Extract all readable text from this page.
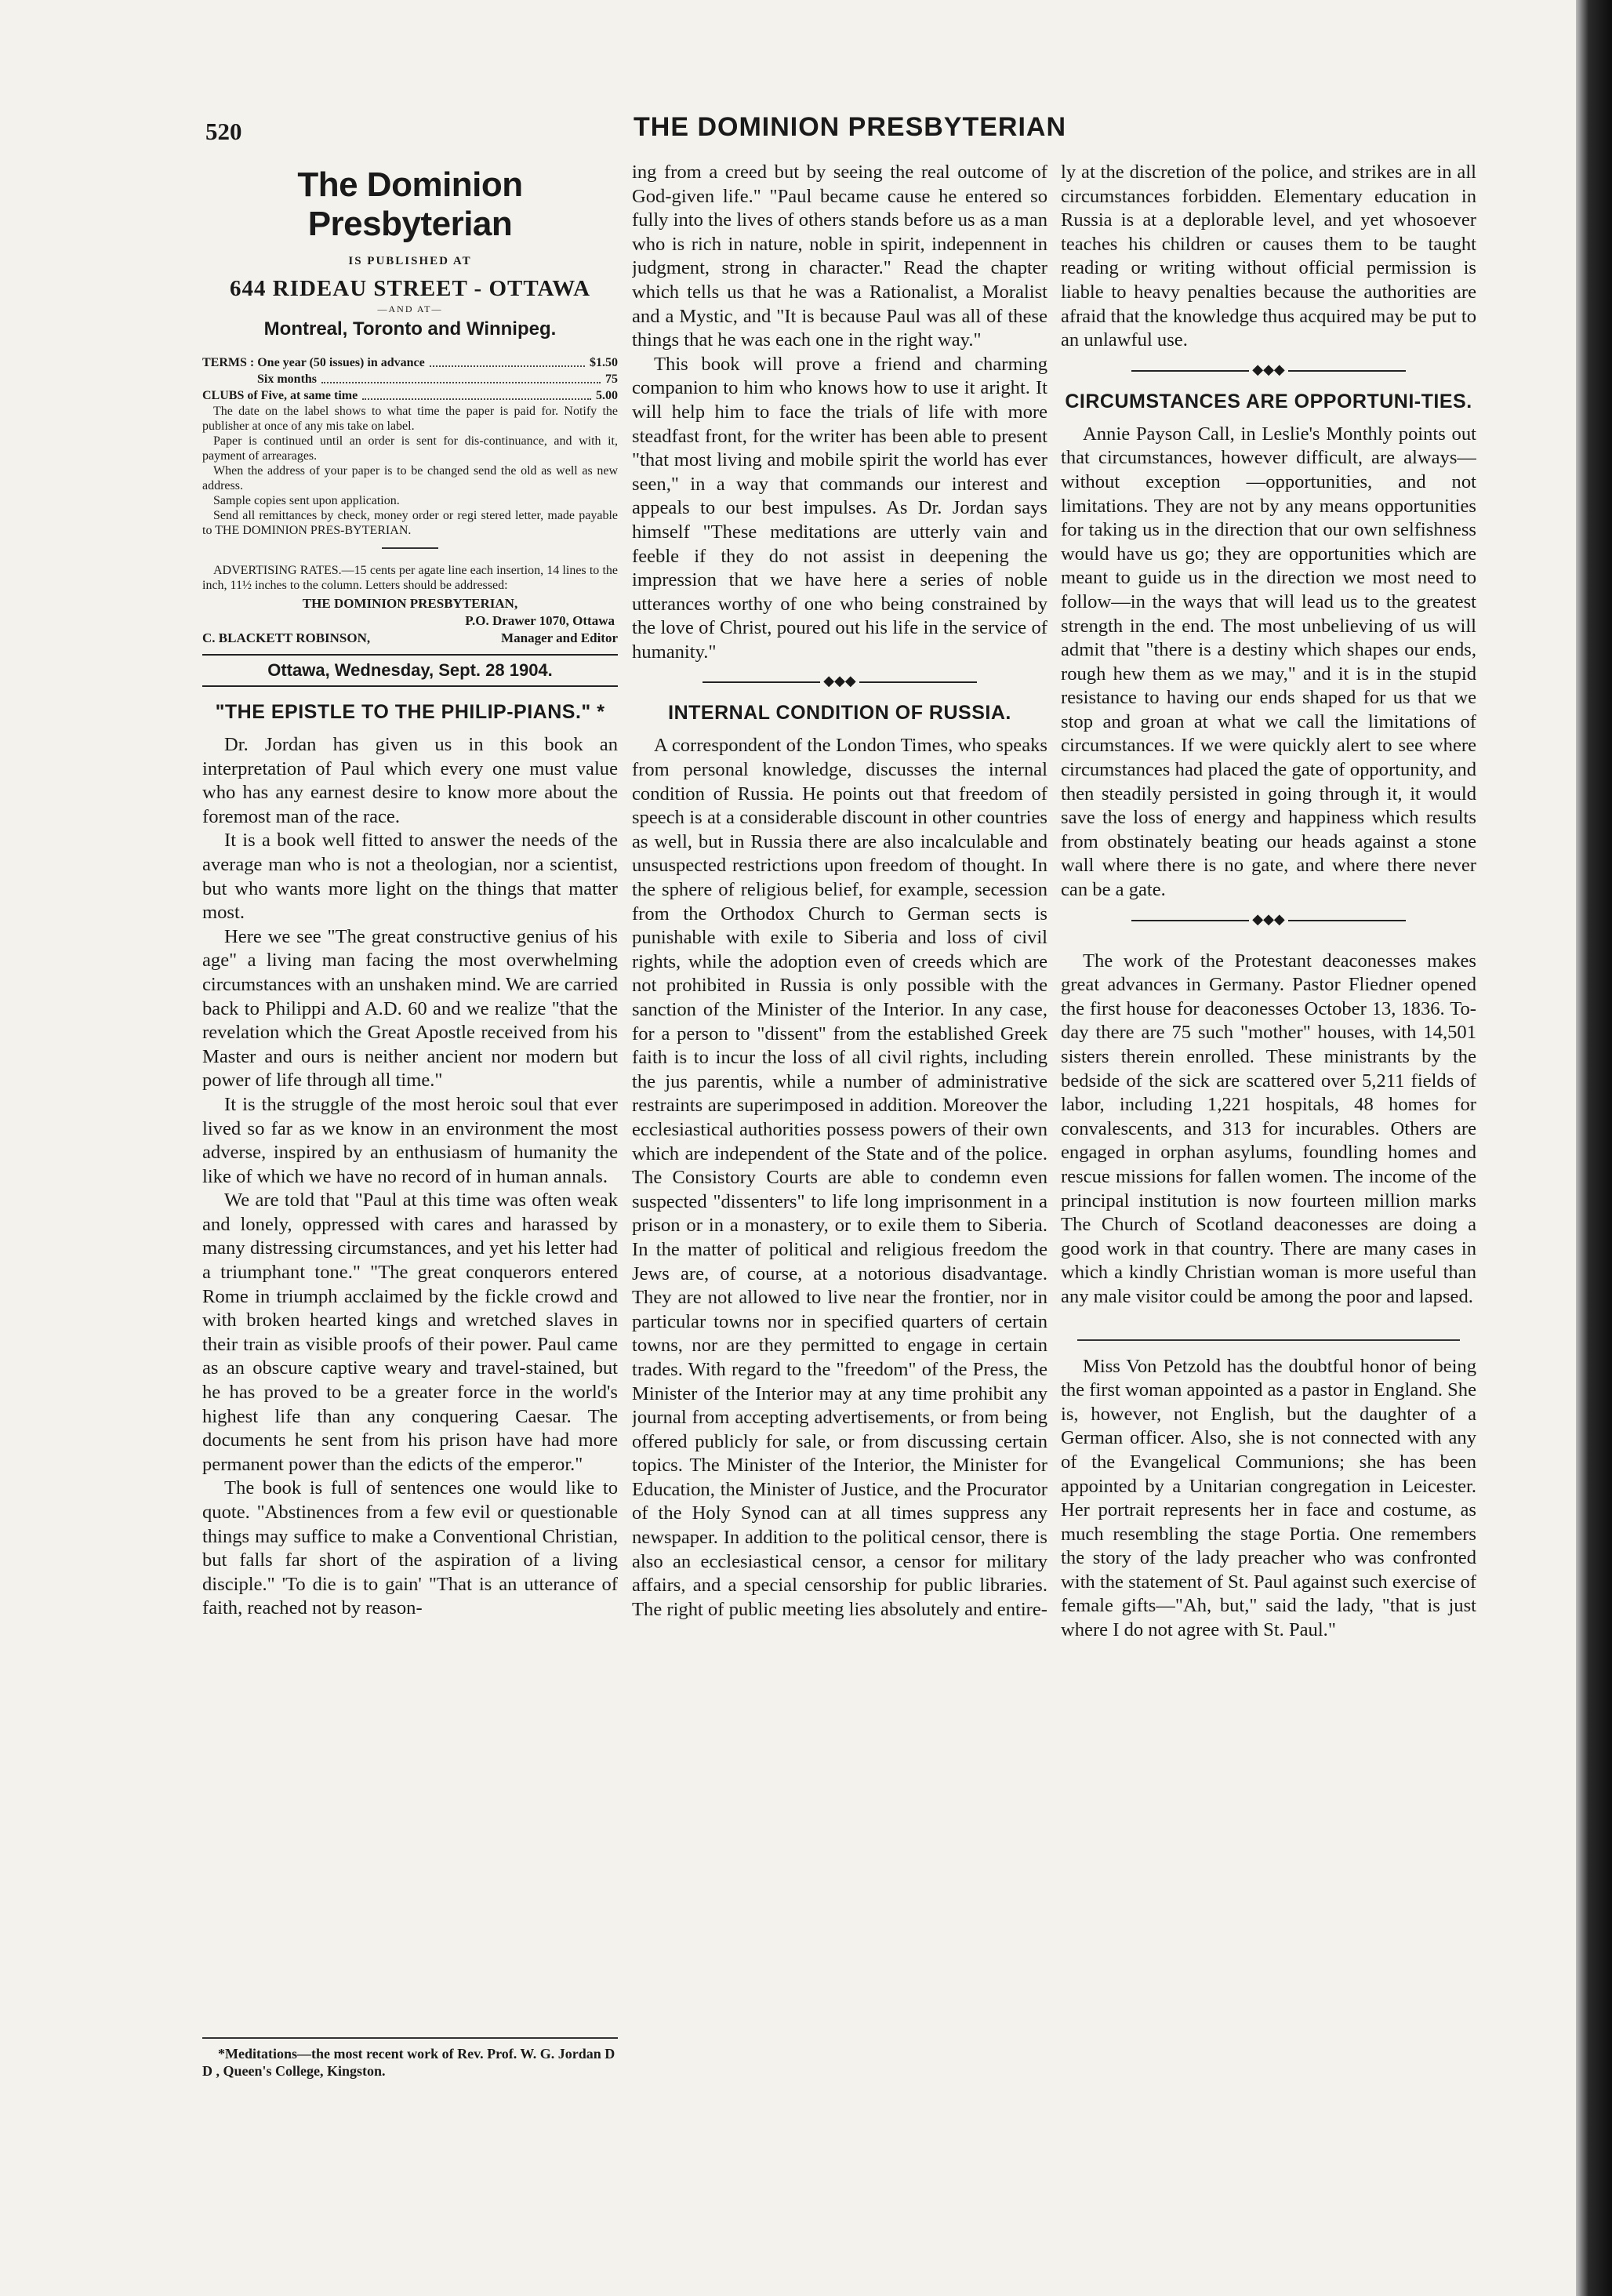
520	THE DOMINION PRESBYTERIAN
The Dominion Presbyterian
IS PUBLISHED AT
644 RIDEAU STREET - OTTAWA
—AND AT—
Montreal, Toronto and Winnipeg.
TERMS : One year (50 issues) in advance	$1.50
Six months	75
CLUBS of Five, at same time	5.00

The date on the label shows to what time the paper is paid for. Notify the publisher at once of any mis take on label.

Paper is continued until an order is sent for dis-continuance, and with it, payment of arrearages.

When the address of your paper is to be changed send the old as well as new address.

Sample copies sent upon application.

Send all remittances by check, money order or regi stered letter, made payable to THE DOMINION PRES-BYTERIAN.

ADVERTISING RATES.—15 cents per agate line each insertion, 14 lines to the inch, 11½ inches to the column. Letters should be addressed:

THE DOMINION PRESBYTERIAN,
P.O. Drawer 1070, Ottawa
C. BLACKETT ROBINSON,	Manager and Editor
Ottawa, Wednesday, Sept. 28 1904.
"THE EPISTLE TO THE PHILIP-PIANS." *

Dr. Jordan has given us in this book an interpretation of Paul which every one must value who has any earnest desire to know more about the foremost man of the race.

It is a book well fitted to answer the needs of the average man who is not a theologian, nor a scientist, but who wants more light on the things that matter most.

Here we see "The great constructive genius of his age" a living man facing the most overwhelming circumstances with an unshaken mind. We are carried back to Philippi and A.D. 60 and we realize "that the revelation which the Great Apostle received from his Master and ours is neither ancient nor modern but power of life through all time."

It is the struggle of the most heroic soul that ever lived so far as we know in an environment the most adverse, inspired by an enthusiasm of humanity the like of which we have no record of in human annals.

We are told that "Paul at this time was often weak and lonely, oppressed with cares and harassed by many distressing circumstances, and yet his letter had a triumphant tone." "The great conquerors entered Rome in triumph acclaimed by the fickle crowd and with broken hearted kings and wretched slaves in their train as visible proofs of their power. Paul came as an obscure captive weary and travel-stained, but he has proved to be a greater force in the world's highest life than any conquering Caesar. The documents he sent from his prison have had more permanent power than the edicts of the emperor."

The book is full of sentences one would like to quote. "Abstinences from a few evil or questionable things may suffice to make a Conventional Christian, but falls far short of the aspiration of a living disciple." 'To die is to gain' "That is an utterance of faith, reached not by reason-

*Meditations—the most recent work of Rev. Prof. W. G. Jordan D D , Queen's College, Kingston.

ing from a creed but by seeing the real outcome of God-given life." "Paul became cause he entered so fully into the lives of others stands before us as a man who is rich in nature, noble in spirit, indepennent in judgment, strong in character." Read the chapter which tells us that he was a Rationalist, a Moralist and a Mystic, and "It is because Paul was all of these things that he was each one in the right way."

This book will prove a friend and charming companion to him who knows how to use it aright. It will help him to face the trials of life with more steadfast front, for the writer has been able to present "that most living and mobile spirit the world has ever seen," in a way that commands our interest and appeals to our best impulses. As Dr. Jordan says himself "These meditations are utterly vain and feeble if they do not assist in deepening the impression that we have here a series of noble utterances worthy of one who being constrained by the love of Christ, poured out his life in the service of humanity."

◆◆◆
INTERNAL CONDITION OF RUSSIA.

A correspondent of the London Times, who speaks from personal knowledge, discusses the internal condition of Russia. He points out that freedom of speech is at a considerable discount in other countries as well, but in Russia there are also incalculable and unsuspected restrictions upon freedom of thought. In the sphere of religious belief, for example, secession from the Orthodox Church to German sects is punishable with exile to Siberia and loss of civil rights, while the adoption even of creeds which are not prohibited in Russia is only possible with the sanction of the Minister of the Interior. In any case, for a person to "dissent" from the established Greek faith is to incur the loss of all civil rights, including the jus parentis, while a number of administrative restraints are superimposed in addition. Moreover the ecclesiastical authorities possess powers of their own which are independent of the State and of the police. The Consistory Courts are able to condemn even suspected "dissenters" to life long imprisonment in a prison or in a monastery, or to exile them to Siberia. In the matter of political and religious freedom the Jews are, of course, at a notorious disadvantage. They are not allowed to live near the frontier, nor in particular towns nor in specified quarters of certain towns, nor are they permitted to engage in certain trades. With regard to the "freedom" of the Press, the Minister of the Interior may at any time prohibit any journal from accepting advertisements, or from being offered publicly for sale, or from discussing certain topics. The Minister of the Interior, the Minister for Education, the Minister of Justice, and the Procurator of the Holy Synod can at all times suppress any newspaper. In addition to the political censor, there is also an ecclesiastical censor, a censor for military affairs, and a special censorship for public libraries. The right of public meeting lies absolutely and entire-

ly at the discretion of the police, and strikes are in all circumstances forbidden. Elementary education in Russia is at a deplorable level, and yet whosoever teaches his children or causes them to be taught reading or writing without official permission is liable to heavy penalties because the authorities are afraid that the knowledge thus acquired may be put to an unlawful use.

◆◆◆
CIRCUMSTANCES ARE OPPORTUNI-TIES.

Annie Payson Call, in Leslie's Monthly points out that circumstances, however difficult, are always—without exception —opportunities, and not limitations. They are not by any means opportunities for taking us in the direction that our own selfishness would have us go; they are opportunities which are meant to guide us in the direction we most need to follow—in the ways that will lead us to the greatest strength in the end. The most unbelieving of us will admit that "there is a destiny which shapes our ends, rough hew them as we may," and it is in the stupid resistance to having our ends shaped for us that we stop and groan at what we call the limitations of circumstances. If we were quickly alert to see where circumstances had placed the gate of opportunity, and then steadily persisted in going through it, it would save the loss of energy and happiness which results from obstinately beating our heads against a stone wall where there is no gate, and where there never can be a gate.

◆◆◆

The work of the Protestant deaconesses makes great advances in Germany. Pastor Fliedner opened the first house for deaconesses October 13, 1836. To-day there are 75 such "mother" houses, with 14,501 sisters therein enrolled. These ministrants by the bedside of the sick are scattered over 5,211 fields of labor, including 1,221 hospitals, 48 homes for convalescents, and 313 for incurables. Others are engaged in orphan asylums, foundling homes and rescue missions for fallen women. The income of the principal institution is now fourteen million marks The Church of Scotland deaconesses are doing a good work in that country. There are many cases in which a kindly Christian woman is more useful than any male visitor could be among the poor and lapsed.

Miss Von Petzold has the doubtful honor of being the first woman appointed as a pastor in England. She is, however, not English, but the daughter of a German officer. Also, she is not connected with any of the Evangelical Communions; she has been appointed by a Unitarian congregation in Leicester. Her portrait represents her in face and costume, as much resembling the stage Portia. One remembers the story of the lady preacher who was confronted with the statement of St. Paul against such exercise of female gifts—"Ah, but," said the lady, "that is just where I do not agree with St. Paul."
